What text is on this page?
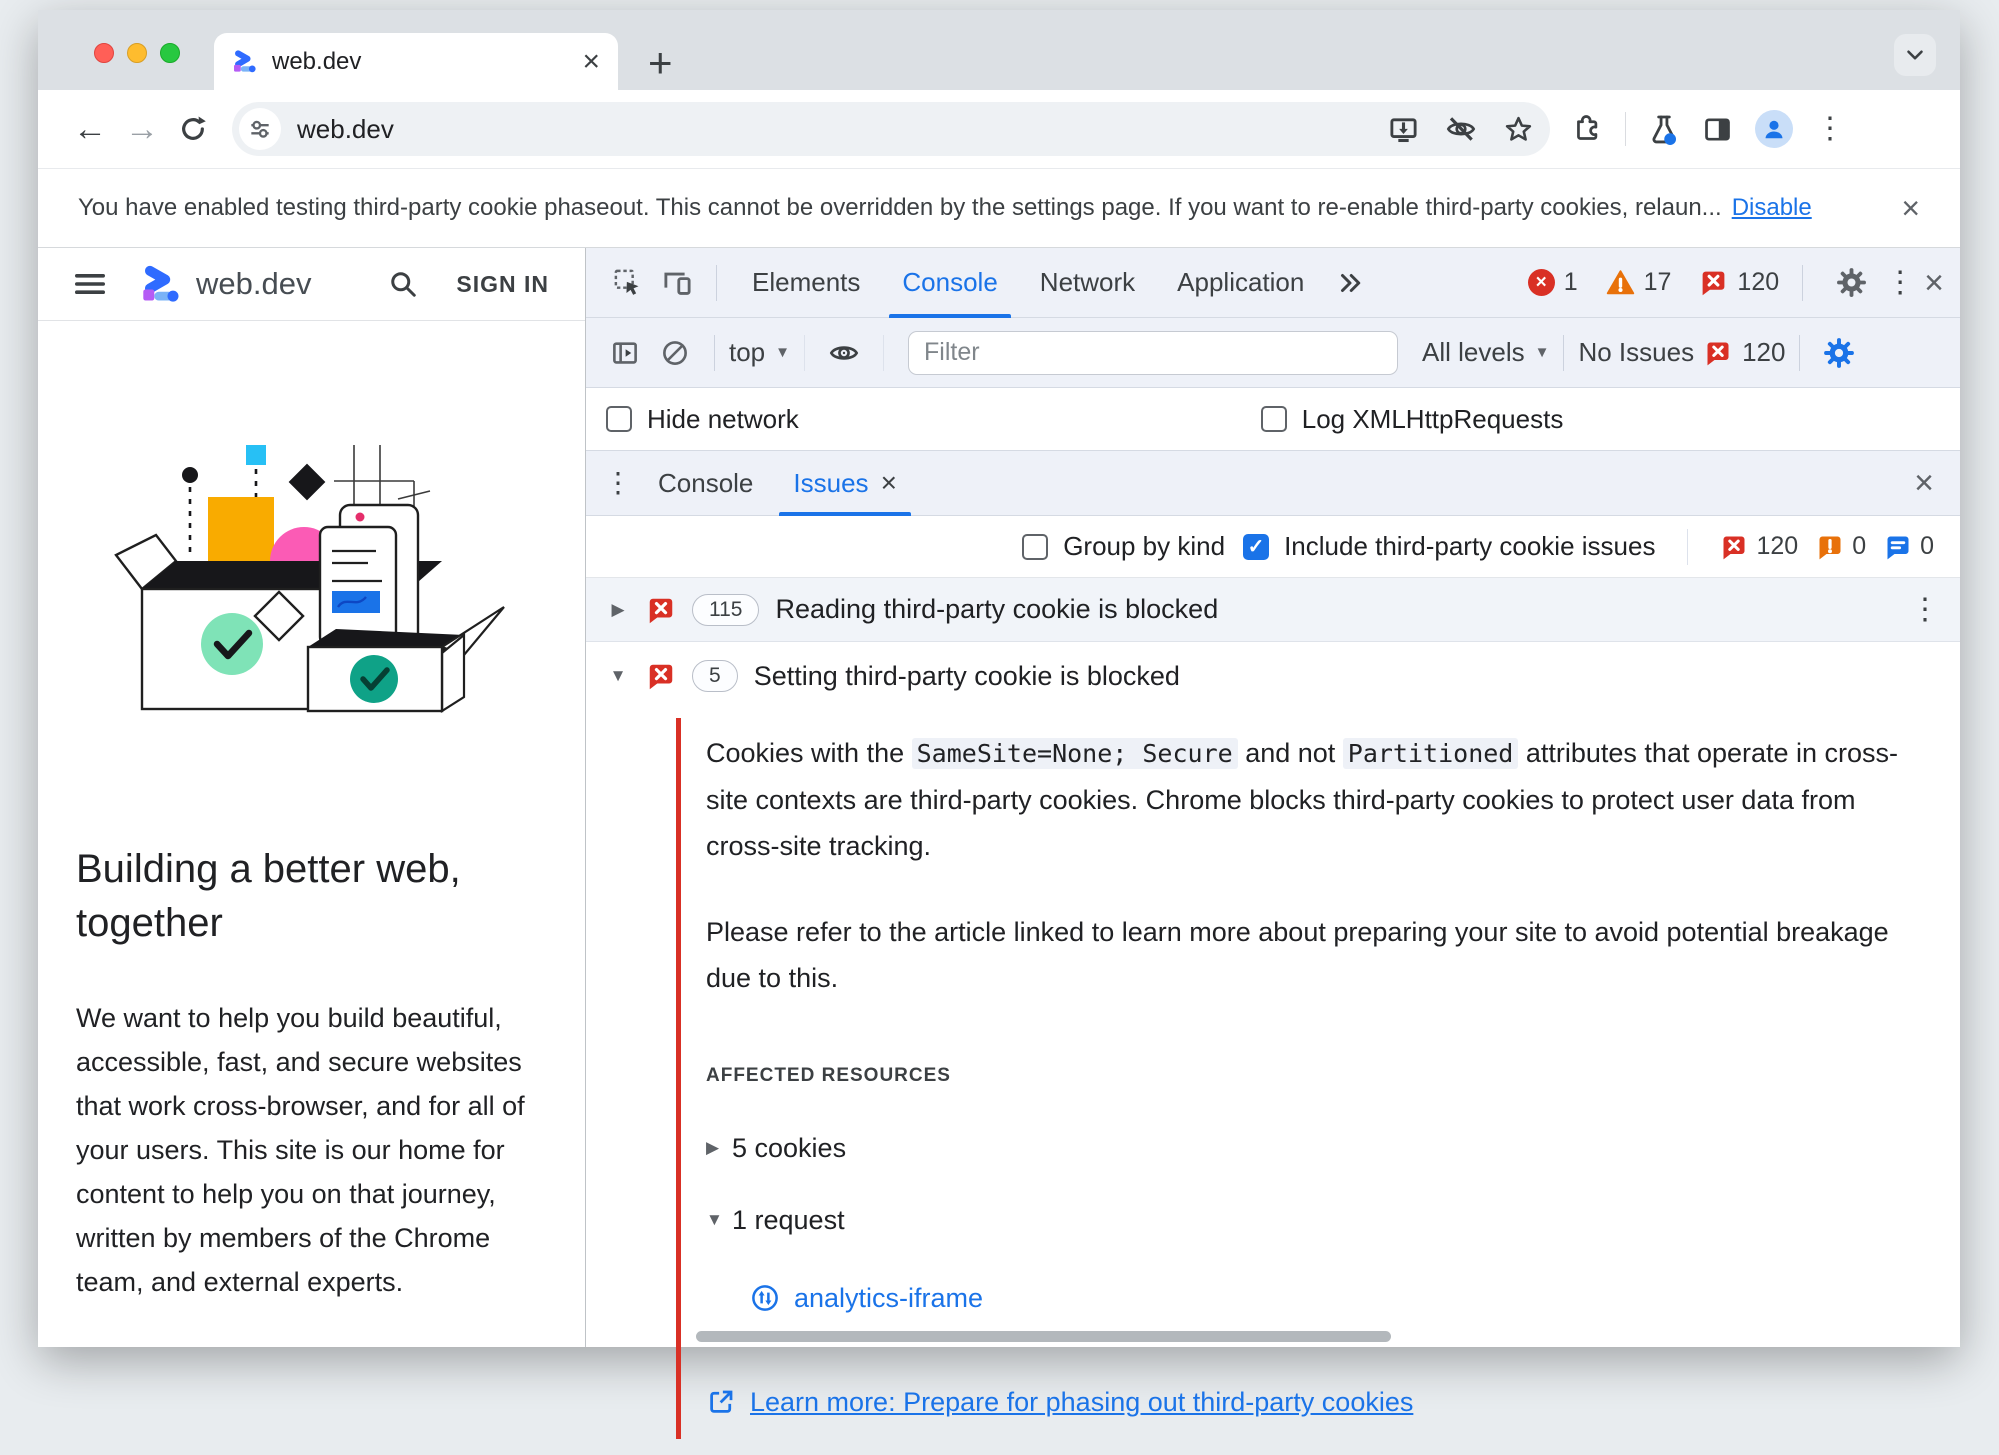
web.dev	× +
← →	web.dev	⋮
You have enabled testing third-party cookie phaseout. This cannot be overridden by the settings page. If you want to re-enable third-party cookies, relaun... Disable	×
web.dev	SIGN IN
Building a better web, together

We want to help you build beautiful, accessible, fast, and secure websites that work cross-browser, and for all of your users. This site is our home for content to help you on that journey, written by members of the Chrome team, and external experts.

Elements	Console	Network	Application	× 1	17	120	⋮ ×
top ▼
Filter	All levels ▼ No Issues 120
Hide network	Log XMLHttpRequests
⋮	Console	Issues ×	×
Group by kind ✓ Include third-party cookie issues	120 0 0
▶	115	Reading third-party cookie is blocked	⋮
▼	5	Setting third-party cookie is blocked

Cookies with the SameSite=None; Secure and not Partitioned attributes that operate in cross-site contexts are third-party cookies. Chrome blocks third-party cookies to protect user data from cross-site tracking.

Please refer to the article linked to learn more about preparing your site to avoid potential breakage due to this.

AFFECTED RESOURCES
▶ 5 cookies
▼ 1 request
analytics-iframe
Learn more: Prepare for phasing out third-party cookies
